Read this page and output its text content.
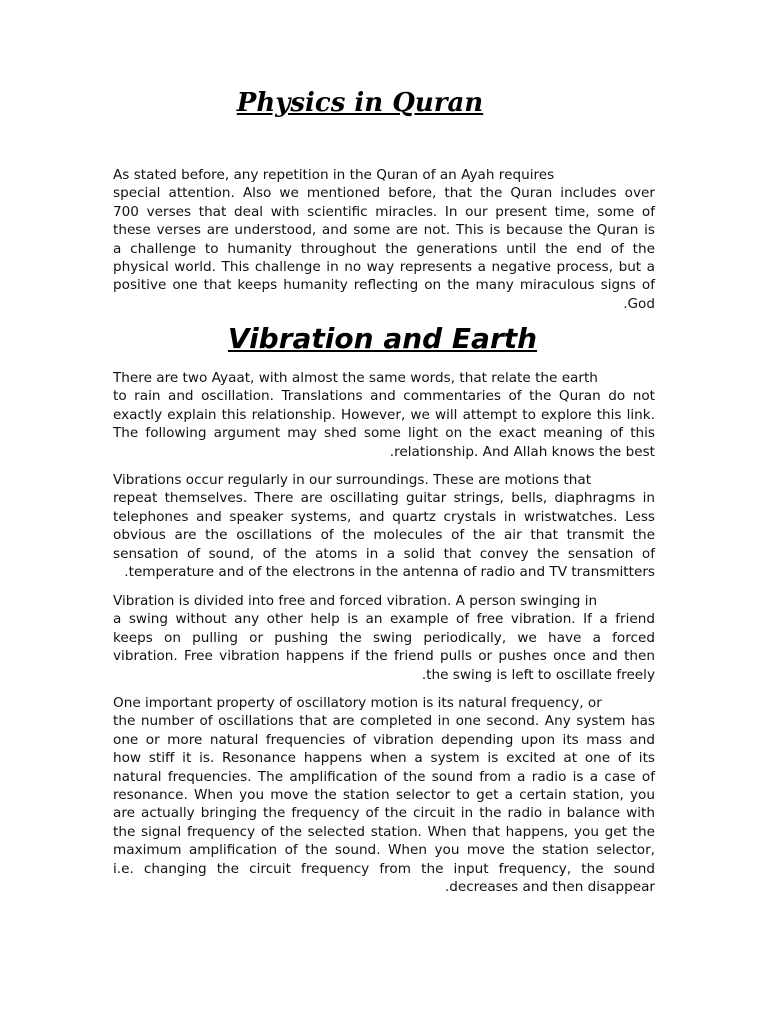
Physics in Quran
As stated before, any repetition in the Quran of an Ayah requires
special attention. Also we mentioned before, that the Quran includes over
700 verses that deal with scientific miracles. In our present time, some of
these verses are understood, and some are not. This is because the Quran is
a challenge to humanity throughout the generations until the end of the
physical world. This challenge in no way represents a negative process, but a
positive one that keeps humanity reflecting on the many miraculous signs of
.God
Vibration and Earth
There are two Ayaat, with almost the same words, that relate the earth
to rain and oscillation. Translations and commentaries of the Quran do not
exactly explain this relationship. However, we will attempt to explore this link.
The following argument may shed some light on the exact meaning of this
.relationship. And Allah knows the best
Vibrations occur regularly in our surroundings. These are motions that
repeat themselves. There are oscillating guitar strings, bells, diaphragms in
telephones and speaker systems, and quartz crystals in wristwatches. Less
obvious are the oscillations of the molecules of the air that transmit the
sensation of sound, of the atoms in a solid that convey the sensation of
.temperature and of the electrons in the antenna of radio and TV transmitters
Vibration is divided into free and forced vibration. A person swinging in
a swing without any other help is an example of free vibration. If a friend
keeps on pulling or pushing the swing periodically, we have a forced
vibration. Free vibration happens if the friend pulls or pushes once and then
.the swing is left to oscillate freely
One important property of oscillatory motion is its natural frequency, or
the number of oscillations that are completed in one second. Any system has
one or more natural frequencies of vibration depending upon its mass and
how stiff it is. Resonance happens when a system is excited at one of its
natural frequencies. The amplification of the sound from a radio is a case of
resonance. When you move the station selector to get a certain station, you
are actually bringing the frequency of the circuit in the radio in balance with
the signal frequency of the selected station. When that happens, you get the
maximum amplification of the sound. When you move the station selector,
i.e. changing the circuit frequency from the input frequency, the sound
.decreases and then disappear
